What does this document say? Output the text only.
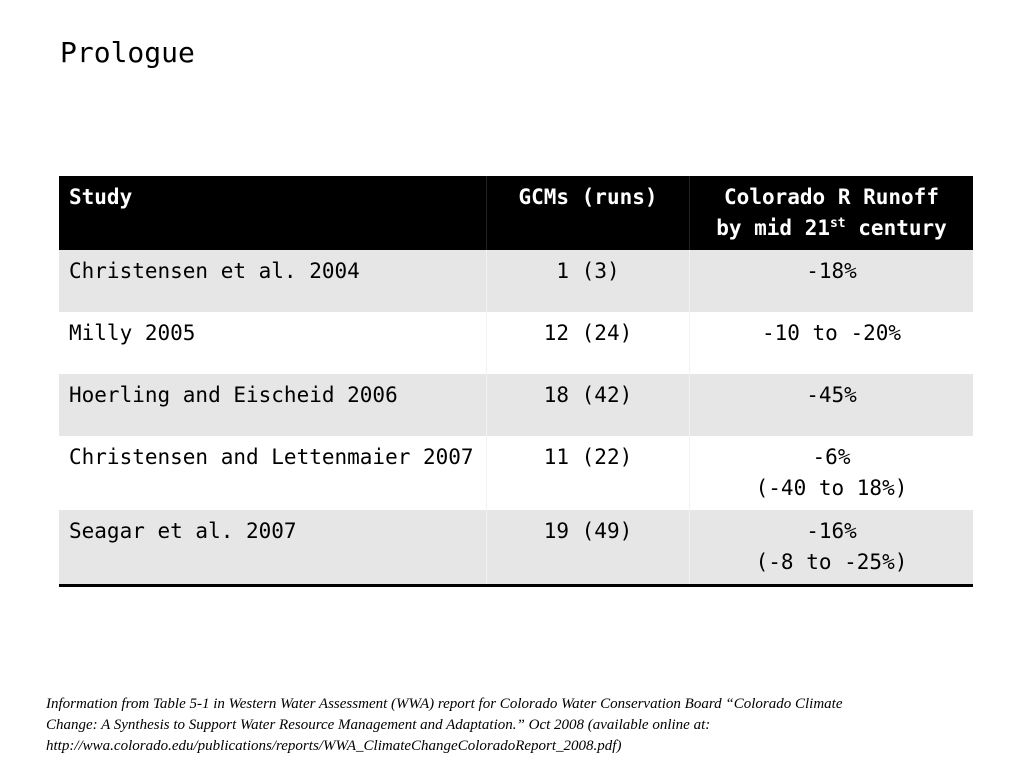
Prologue
Study	GCMs (runs)	Colorado R Runoff
by mid 21st century

Christensen et al. 2004	1 (3)	-18%

Milly 2005	12 (24)	-10 to -20%

Hoerling and Eischeid 2006	18 (42)	-45%

Christensen and Lettenmaier 2007	11 (22)	-6%
(-40 to 18%)

Seagar et al. 2007	19 (49)	-16%
(-8 to -25%)
Information from Table 5-1 in Western Water Assessment (WWA) report for Colorado Water Conservation Board “Colorado Climate
Change: A Synthesis to Support Water Resource Management and Adaptation.” Oct 2008 (available online at:
http://wwa.colorado.edu/publications/reports/WWA_ClimateChangeColoradoReport_2008.pdf)
